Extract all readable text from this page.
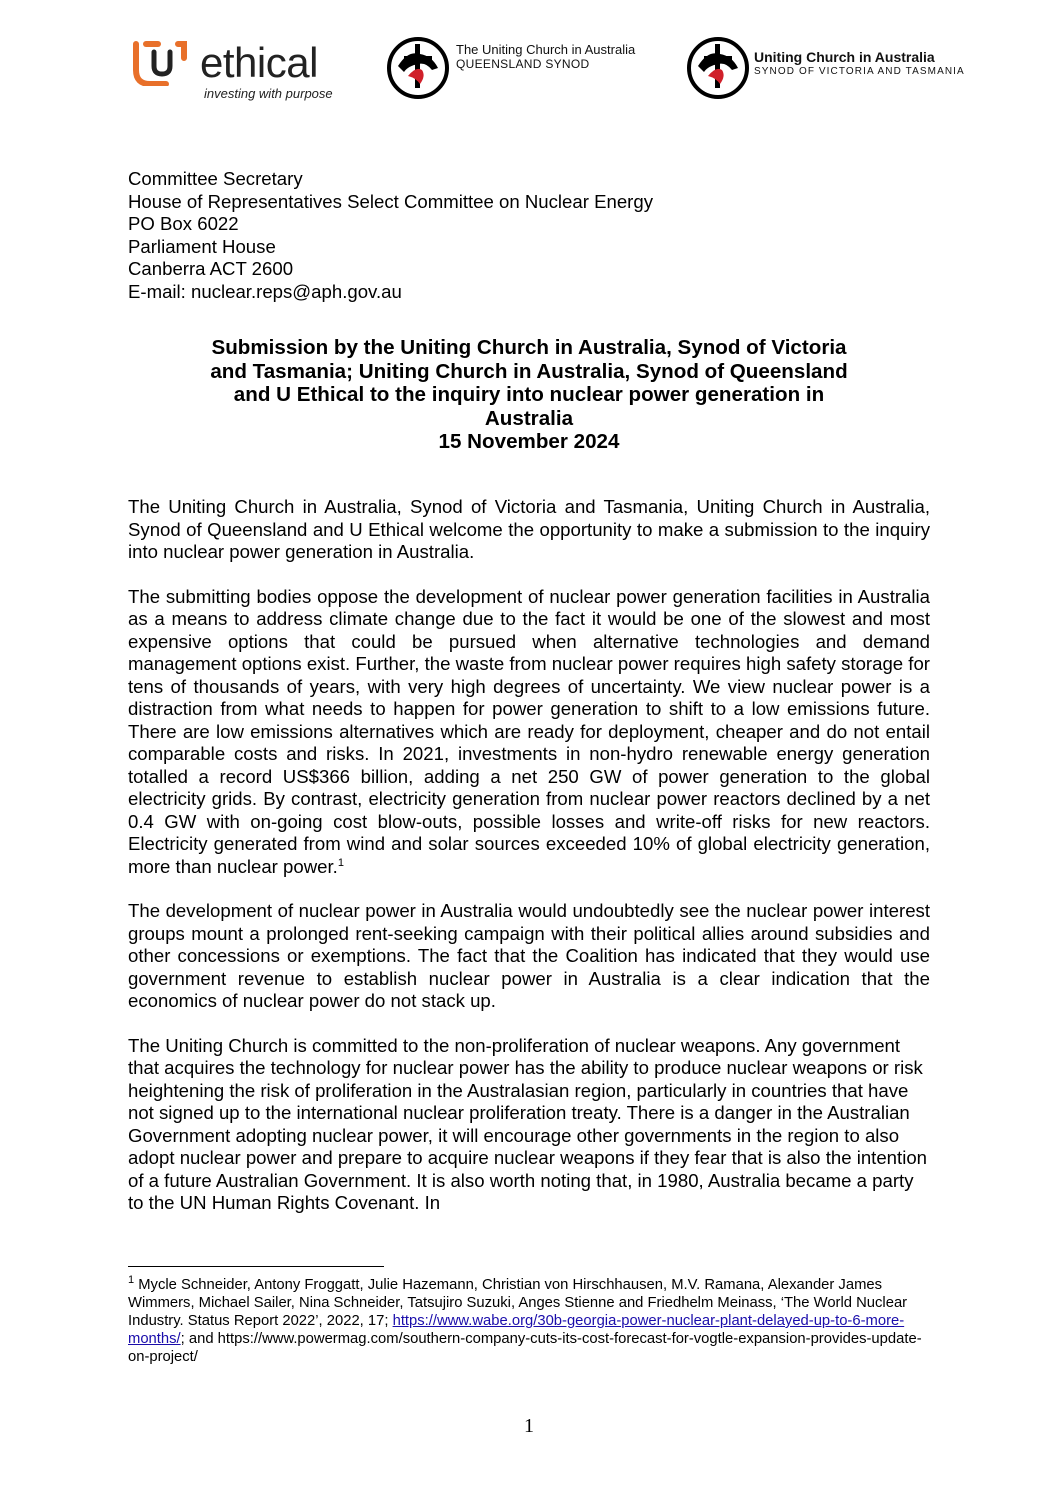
ethical
investing with purpose
The Uniting Church in Australia
QUEENSLAND SYNOD	Uniting Church in Australia
SYNOD OF VICTORIA AND TASMANIA
Committee Secretary
House of Representatives Select Committee on Nuclear Energy
PO Box 6022
Parliament House
Canberra ACT 2600
E-mail: nuclear.reps@aph.gov.au
Submission by the Uniting Church in Australia, Synod of Victoria
and Tasmania; Uniting Church in Australia, Synod of Queensland
and U Ethical to the inquiry into nuclear power generation in
Australia
15 November 2024

The Uniting Church in Australia, Synod of Victoria and Tasmania, Uniting Church in Australia, Synod of Queensland and U Ethical welcome the opportunity to make a submission to the inquiry into nuclear power generation in Australia.

The submitting bodies oppose the development of nuclear power generation facilities in Australia as a means to address climate change due to the fact it would be one of the slowest and most expensive options that could be pursued when alternative technologies and demand management options exist. Further, the waste from nuclear power requires high safety storage for tens of thousands of years, with very high degrees of uncertainty. We view nuclear power is a distraction from what needs to happen for power generation to shift to a low emissions future. There are low emissions alternatives which are ready for deployment, cheaper and do not entail comparable costs and risks. In 2021, investments in non-hydro renewable energy generation totalled a record US$366 billion, adding a net 250 GW of power generation to the global electricity grids. By contrast, electricity generation from nuclear power reactors declined by a net 0.4 GW with on-going cost blow-outs, possible losses and write-off risks for new reactors. Electricity generated from wind and solar sources exceeded 10% of global electricity generation, more than nuclear power.$^1$

The development of nuclear power in Australia would undoubtedly see the nuclear power interest groups mount a prolonged rent-seeking campaign with their political allies around subsidies and other concessions or exemptions. The fact that the Coalition has indicated that they would use government revenue to establish nuclear power in Australia is a clear indication that the economics of nuclear power do not stack up.

The Uniting Church is committed to the non-proliferation of nuclear weapons. Any government that acquires the technology for nuclear power has the ability to produce nuclear weapons or risk heightening the risk of proliferation in the Australasian region, particularly in countries that have not signed up to the international nuclear proliferation treaty. There is a danger in the Australian Government adopting nuclear power, it will encourage other governments in the region to also adopt nuclear power and prepare to acquire nuclear weapons if they fear that is also the intention of a future Australian Government. It is also worth noting that, in 1980, Australia became a party to the UN Human Rights Covenant. In

$^1$ Mycle Schneider, Antony Froggatt, Julie Hazemann, Christian von Hirschhausen, M.V. Ramana, Alexander James Wimmers, Michael Sailer, Nina Schneider, Tatsujiro Suzuki, Anges Stienne and Friedhelm Meinass, ‘The World Nuclear Industry. Status Report 2022’, 2022, 17; https://www.wabe.org/30b-georgia-power-nuclear-plant-delayed-up-to-6-more-months/; and https://www.powermag.com/southern-company-cuts-its-cost-forecast-for-vogtle-expansion-provides-update-on-project/
1
